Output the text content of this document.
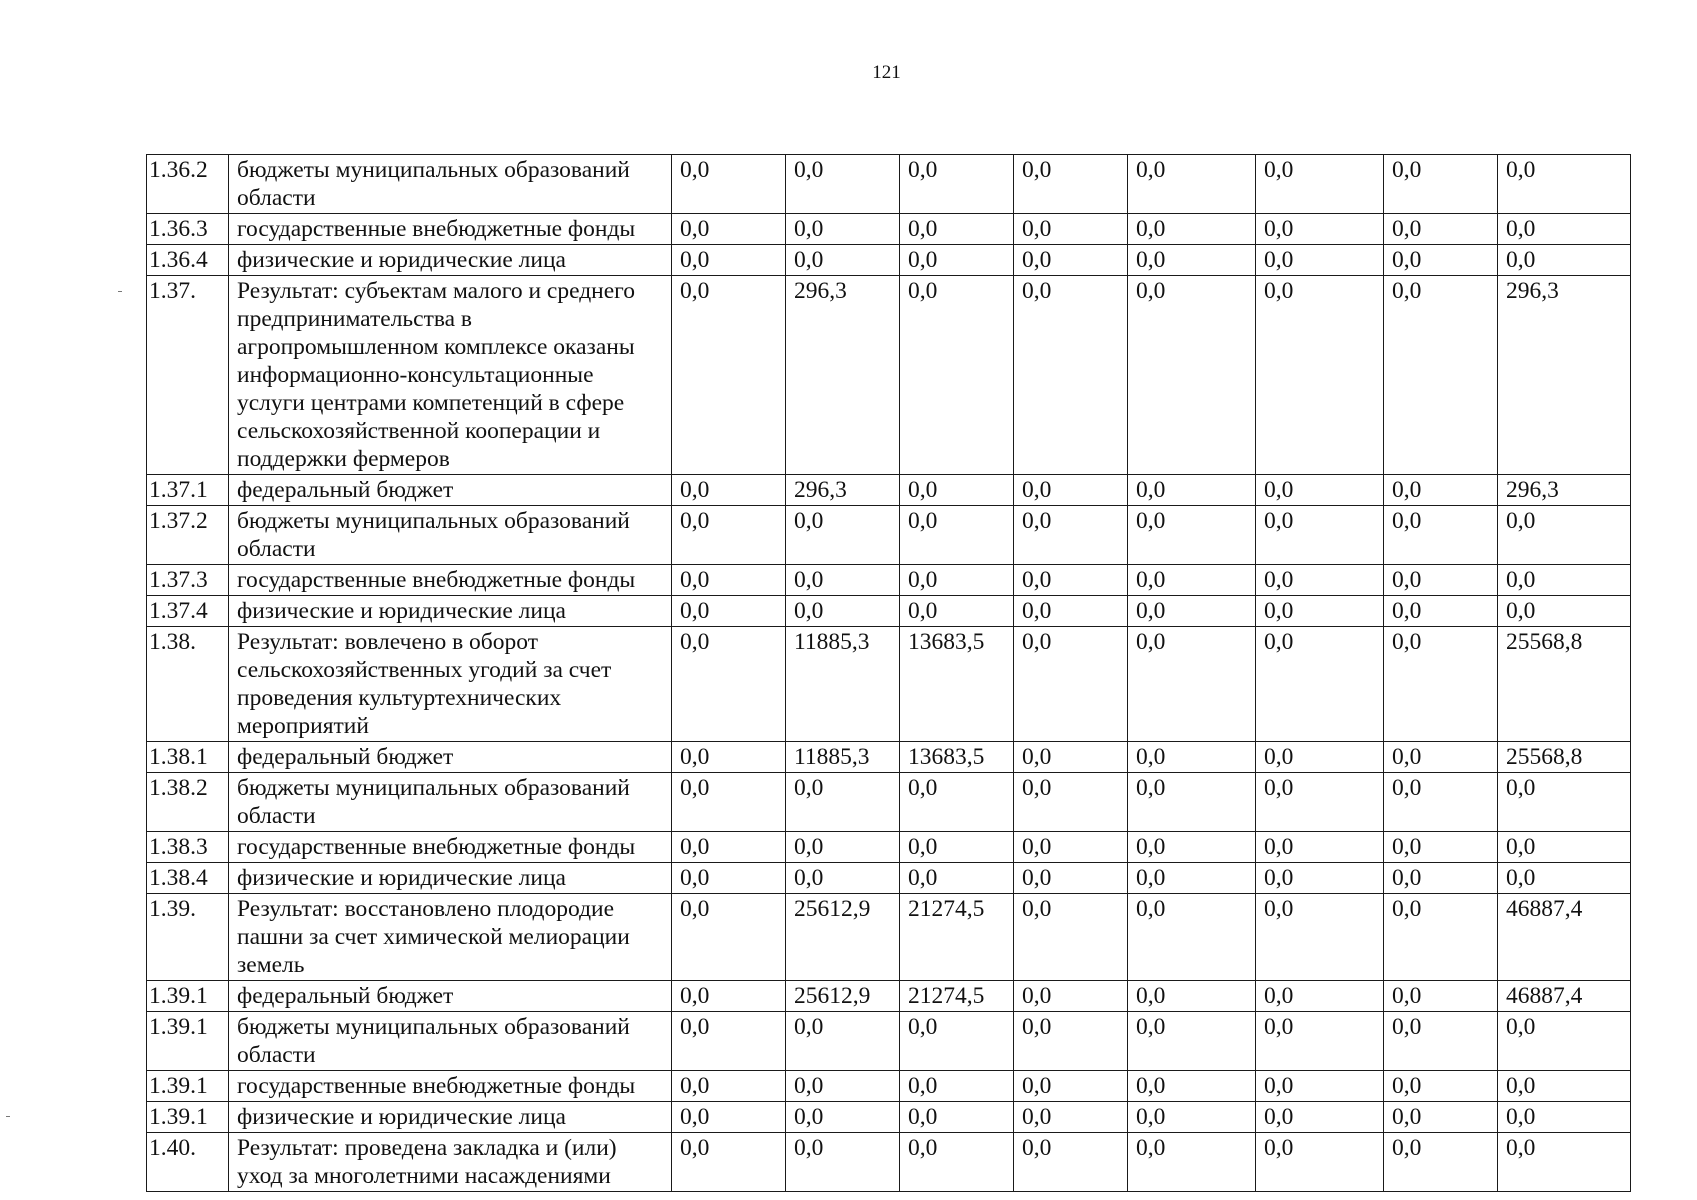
121
1.36.2	бюджеты муниципальных образований области	0,0	0,0	0,0	0,0	0,0	0,0	0,0	0,0
1.36.3	государственные внебюджетные фонды	0,0	0,0	0,0	0,0	0,0	0,0	0,0	0,0
1.36.4	физические и юридические лица	0,0	0,0	0,0	0,0	0,0	0,0	0,0	0,0
1.37.	Результат: субъектам малого и среднего предпринимательства в агропромышленном комплексе оказаны информационно-консультационные услуги центрами компетенций в сфере сельскохозяйственной кооперации и поддержки фермеров	0,0	296,3	0,0	0,0	0,0	0,0	0,0	296,3
1.37.1	федеральный бюджет	0,0	296,3	0,0	0,0	0,0	0,0	0,0	296,3
1.37.2	бюджеты муниципальных образований области	0,0	0,0	0,0	0,0	0,0	0,0	0,0	0,0
1.37.3	государственные внебюджетные фонды	0,0	0,0	0,0	0,0	0,0	0,0	0,0	0,0
1.37.4	физические и юридические лица	0,0	0,0	0,0	0,0	0,0	0,0	0,0	0,0
1.38.	Результат: вовлечено в оборот сельскохозяйственных угодий за счет проведения культуртехнических мероприятий	0,0	11885,3	13683,5	0,0	0,0	0,0	0,0	25568,8
1.38.1	федеральный бюджет	0,0	11885,3	13683,5	0,0	0,0	0,0	0,0	25568,8
1.38.2	бюджеты муниципальных образований области	0,0	0,0	0,0	0,0	0,0	0,0	0,0	0,0
1.38.3	государственные внебюджетные фонды	0,0	0,0	0,0	0,0	0,0	0,0	0,0	0,0
1.38.4	физические и юридические лица	0,0	0,0	0,0	0,0	0,0	0,0	0,0	0,0
1.39.	Результат: восстановлено плодородие пашни за счет химической мелиорации земель	0,0	25612,9	21274,5	0,0	0,0	0,0	0,0	46887,4
1.39.1	федеральный бюджет	0,0	25612,9	21274,5	0,0	0,0	0,0	0,0	46887,4
1.39.1	бюджеты муниципальных образований области	0,0	0,0	0,0	0,0	0,0	0,0	0,0	0,0
1.39.1	государственные внебюджетные фонды	0,0	0,0	0,0	0,0	0,0	0,0	0,0	0,0
1.39.1	физические и юридические лица	0,0	0,0	0,0	0,0	0,0	0,0	0,0	0,0
1.40.	Результат: проведена закладка и (или) уход за многолетними насаждениями	0,0	0,0	0,0	0,0	0,0	0,0	0,0	0,0
